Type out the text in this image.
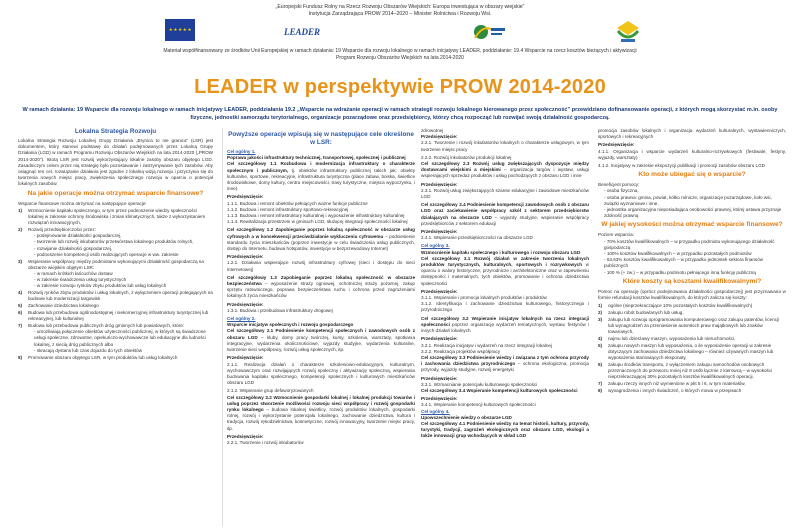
„Europejski Fundusz Rolny na Rzecz Rozwoju Obszarów Wiejskich: Europa inwestująca w obszary wiejskie”
Instytucja Zarządzająca PROW 2014–2020 – Minister Rolnictwa i Rozwoju Wsi.
★ ★ ★ ★ ★	LEADER
Materiał współfinansowany ze środków Unii Europejskiej w ramach działania: 19 Wsparcie dla rozwoju lokalnego w ramach inicjatywy LEADER, poddziałanie: 19.4 Wsparcie na rzecz kosztów bieżących i aktywizacji
Program Rozwoju Obszarów Wiejskich na lata 2014-2020
LEADER w perspektywie PROW 2014-2020
W ramach działania: 19 Wsparcie dla rozwoju lokalnego w ramach inicjatywy LEADER, poddziałania 19.2 „Wsparcie na wdrażanie operacji w ramach strategii rozwoju lokalnego kierowanego przez społeczność” przewidziano dofinansowanie operacji, z których mogą skorzystać m.in. osoby fizyczne, jednostki samorządu terytorialnego, organizacje pozarządowe oraz przedsiębiorcy, którzy chcą rozpocząć lub rozwijać swoją działalność gospodarczą.
Lokalna Strategia Rozwoju
Lokalna Strategia Rozwoju Lokalnej Grupy Działania „Brynica to nie granica” (LSR) jest dokumentem, który stanowi podstawę do działań podejmowanych przez Lokalną Grupę Działania (LGD) w ramach Programu Rozwoju Obszarów Wiejskich na lata 2014-2020 („PROW 2014-2020”). Istotą LSR jest rozwój wykorzystujący lokalne zasoby obszaru objętego LGD. Zasadniczym celem przez nią strategię było pozostawanie i zatrzymywanie tych zasobów. Aby osiągnąć ten cel, rozwiązanie działania jest zgodne z lokalną wizją rozwoju i przyczynia się do tworzenia nowych miejsc pracy, zwiększenia społecznego rozwoju w oparciu o potencjał lokalnych zasobów.
Na jakie operacje można otrzymać wsparcie finansowe?
Wsparcie finansowe można otrzymać na następujące operacje:
1) Wzmocnienie kapitału społecznego, w tym przez podnoszenie wiedzy społeczności lokalnej w zakresie ochrony środowiska i zmian klimatycznych, także z wykorzystaniem rozwiązań innowacyjnych,
2) Rozwój przedsiębiorczości przez:
- podejmowanie działalności gospodarczej,
- tworzenie lub rozwój inkubatorów przetwórstwa lokalnego produktów rolnych,
- rozwijanie działalności gospodarczej,
- podnoszenie kompetencji osób realizujących operacje w ww. zakresie
3) Wspieranie współpracy między podmiotami wykonującymi działalność gospodarczą na obszarze wiejskim objętym LSR:
- w ramach krótkich łańcuchów dostaw
- w zakresie świadczenia usług turystycznych
- w zakresie rozwoju rynków zbytu produktów lub usług lokalnych
4) Rozwój rynków zbytu produktów i usług lokalnych, z wyłączeniem operacji polegających na budowie lub modernizacji targowisk
5) Zachowanie dziedzictwa lokalnego
6) Budowa lub przebudowa ogólnodostępnej i niekomercyjnej infrastruktury turystycznej lub rekreacyjnej, lub kulturalnej
7) Budowa lub przebudowa publicznych dróg gminnych lub powiatowych, które:
- umożliwiają połączenie obiektów użyteczności publicznej, w których są świadczone usługi społeczne, zdrowotne, opiekuńczo-wychowawcze lub edukacyjne dla ludności lokalnej, z siecią dróg publicznych albo
- skracają dystans lub czas dojazdu do tych obiektów
8) Promowanie obszaru objętego LSR, w tym produktów lub usług lokalnych
Powyższe operacje wpisują się w następujące cele określone w LSR:
Cel ogólny 1.
Poprawa jakości infrastruktury technicznej, transportowej, społecznej i publicznej
Cel szczegółowy 1.1 Rozbudowa i modernizacja infrastruktury o charakterze społecznym i publicznym, tj. obiektów infrastruktury publicznej takich jak: obiekty kulturalne, sportowe, rekreacyjne, infrastruktura turystyczna (place zabaw, boiska, świetlice środowiskowe, domy kultury, centra miejscowości, trasy turystyczne, miejsca wypoczynku, i inne).
Przedsięwzięcie:
1.1.1. Budowa i remont obiektów pełniących ważne funkcje publiczne
1.1.2. Budowa i remont infrastruktury sportowo-rekreacyjnej
1.1.3. Budowa i remont infrastruktury kulturalnej i wyposażenie infrastruktury kulturalnej
1.1.4. Rewitalizacja przestrzeni w gminach LGD, służącej integracji społeczności lokalnej
Cel szczegółowy 1.2 Zapobieganie poprzez lokalną społeczność w obszarze usług cyfrowych a w konsekwencji przeciwdziałanie wykluczeniu cyfrowemu – podniesienie standardu życia mieszkańców (poprzez inwestycje w celu świadczenia usług publicznych, dostęp do Internetu, budowa hotspotów, inwestycje w bezprzewodowy Internet)
Przedsięwzięcie:
1.2.1. Działania wspierające rozwój infrastruktury cyfrowej (sieci i dostępu do sieci internetowej)
Cel szczegółowy 1.3 Zapobieganie poprzez lokalną społeczność w obszarze bezpieczeństwa – wyposażenie straży ogniowej, ochotniczej straży pożarnej, zakup sprzętu ratowniczego, poprawa bezpieczeństwa ruchu i ochrona przed zagrożeniami lokalnych życia mieszkańców
Przedsięwzięcie:
1.3.1. Budowa i przebudowa infrastruktury drogowej
Cel ogólny 2.
Wsparcie inicjatyw społecznych i rozwoju gospodarczego
Cel szczegółowy 2.1 Podniesienie kompetencji społecznych i zawodowych osób z obszaru LGD – kluby, domy pracy twórczej, kursy, szkolenia, warsztaty, spotkania integracyjne, wydarzenia okolicznościowe, wyjazdy studyjne, wydarzenia kulturalne, tworzenie sieci współpracy, rozwój usług społecznych, itp.
Przedsięwzięcie:
2.1.1. Realizacja działań o charakterze szkoleniowo-edukacyjnym, kulturalnym, wychowawczym oraz rozwijających rozwój społeczny i aktywizację społeczną, wspierania budowania kapitału społecznego, kompetencji społecznych i kulturowych mieszkańców obszaru LGD
2.1.2. Wspieranie grup defaworyzowanych
Cel szczegółowy 2.2 Wzmocnienie gospodarki lokalnej i lokalnej produkcji towarów i usług poprzez stworzenie możliwości rozwoju sieci współpracy i rozwój gospodarki rynku lokalnego – budowa lokalnej świetlicy, rozwój produktów lokalnych, gospodarki rolnej, rozwój i wykorzystanie potencjału lokalnego, zachowanie dziedzictwa, kultura i tradycja, rozwój rękodzielnictwa, kosmetyczne, rozwój innowacyjny, tworzenie miejsc pracy, itp.
Przedsięwzięcie:
2.2.1. Tworzenie i rozwój inkubatorów
zdrowotnej
Przedsięwzięcie:
2.2.1. Tworzenie i rozwój inkubatorów lokalnych o charakterze usługowym, w tym tworzenie miejsc pracy
2.2.2. Rozwój inkubatorów produkcji lokalnej
Cel szczegółowy 2.3 Rozwój usług zwiększających dyspozycje między dostawcami wiejskimi a miejskimi – organizacja targów i wystaw, usługi wspierających sprzedaż produktów i usług pochodzących z obszaru LGD i inne
Przedsięwzięcie:
2.3.1. Rozwój usług zwiększających szanse edukacyjne i zawodowe mieszkańców LGD
Cel szczegółowy 2.4 Podniesienie kompetencji zawodowych osób z obszaru LGD oraz zaciekawienie współpracy szkół z sektorem przedsiębiorstw działających na obszarze LGD – wyjazdy studyjne, wspieranie współpracy przedsiębiorców z sektorem edukacji
Przedsięwzięcie:
2.4.1. Wspieranie przedsiębiorczości na obszarze LGD
Cel ogólny 3.
Wzmocnienie kapitału społecznego i kulturowego i rozwoju obszaru LGD
Cel szczegółowy 3.1 Rozwój działań w zakresie tworzenia lokalnych produktów turystycznych, kulturalnych, sportowych i rozrywkowych w oparciu o walory historyczne, przyrodnicze i architektoniczne oraz w zapewnieniu dostępności i materialnych, tych obiektów, promowanie i ochrona dziedzictwa społeczności
Przedsięwzięcie:
3.1.1. Wspieranie i promocja lokalnych produktów i produktów
3.1.2. Identyfikacja i zachowanie dziedzictwa kulturowego, historycznego i przyrodniczego
Cel szczegółowy 3.2 Wspieranie inicjatyw lokalnych na rzecz integracji społeczności poprzez organizację wydarzeń tematycznych, wystaw, festynów i innych działań lokalnych
Przedsięwzięcie:
3.2.1. Realizacja inicjatyw i wydarzeń na rzecz integracji lokalnej
3.2.2. Realizacja projektów współpracy
Cel szczegółowy 3.3 Podniesienie wiedzy i związana z tym ochrona przyrody i zachowania dziedzictwa przyrodniczego – ochrona ekologiczna, promocja przyrody, wyjazdy studyjne, rozwój energetyki
Przedsięwzięcie:
3.3.1. Wzmacnianie potencjału kulturowego społeczności
Cel szczegółowy 3.4 Wspieranie kompetencji kulturowych społeczności
Przedsięwzięcie:
3.4.1. Wspieranie kompetencji kulturowych społeczności
Cel ogólny 4.
Upowszechnienie wiedzy o obszarze LGD
Cel szczegółowy 4.1 Podniesienie wiedzy na temat historii, kultury, przyrody, turystyki, tradycji, zagrożeń ekologicznych oraz obszaru LGD, ekologii a także innowacji grup wchodzących w skład LGD
promocja zasobów lokalnych i organizacja wydarzeń kulturalnych, wystawienniczych, sportowych i rekreacyjnych
Przedsięwzięcie:
4.1.1. Organizacja i wsparcie wydarzeń kulturalno-rozrywkowych (festiwale, festyny, wyjazdy, warsztaty)
4.1.2. Inicjatywy w zakresie ekspozycji publikacji i promocji zasobów obszaru LGD
Kto może ubiegać się o wsparcie?
Beneficjent pomocy:
- osoba fizyczna,
- osoba prawna: gmina, powiat, kółko rolnicze, organizacje pozarządowe, koło wsi, związki wyznaniowe i inne,
- jednostka organizacyjna nieposiadająca osobowości prawnej, której ustawa przyznaje zdolność prawną
W jakiej wysokości można otrzymać wsparcie finansowe?
Poziom wsparcia:
- 70% kosztów kwalifikowalnych – w przypadku podmiotu wykonującego działalność gospodarczą
- 100% kosztów kwalifikowalnych – w przypadku pozostałych podmiotów
- 63,63% kosztów kwalifikowalnych – w przypadku jednostek sektora finansów publicznych
- 100 % (+ zw.) – w przypadku podmiotu pełniącego inną funkcję publiczną
Które koszty są kosztami kwalifikowalnymi?
Pomoc na operację (oprócz podejmowania działalności gospodarczej) jest przyznawana w formie refundacji kosztów kwalifikowalnych, do których zalicza się koszty:
1) ogólne (nieprzekraczające 10% pozostałych kosztów kwalifikowalnych)
2) zakupu robót budowlanych lub usług,
3) zakupu lub rozwoju oprogramowania komputerowego oraz zakupu patentów, licencji lub wynagrodzeń za przeniesienie autorskich praw majątkowych lub znaków towarowych,
4) najmu lub dzierżawy maszyn, wyposażenia lub nieruchomości,
5) zakupu nowych maszyn lub wyposażenia, o ile wyposażenie operacji w zakresie dotyczącym zachowania dziedzictwa lokalnego – również używanych maszyn lub wyposażenia stanowiących eksponaty,
6) zakupu środków transportu, z wyłączeniem zakupu samochodów osobowych przeznaczonych do przewozu mniej niż 8 osób łącznie z kierowcą – w wysokości nieprzekraczającej 30% pozostałych kosztów kwalifikowalnych operacji,
7) zakupu rzeczy innych niż wymienione w pkt 5 i 6, w tym materiałów,
8) wynagrodzenia i innych świadczeń, o których mowa w przepisach
